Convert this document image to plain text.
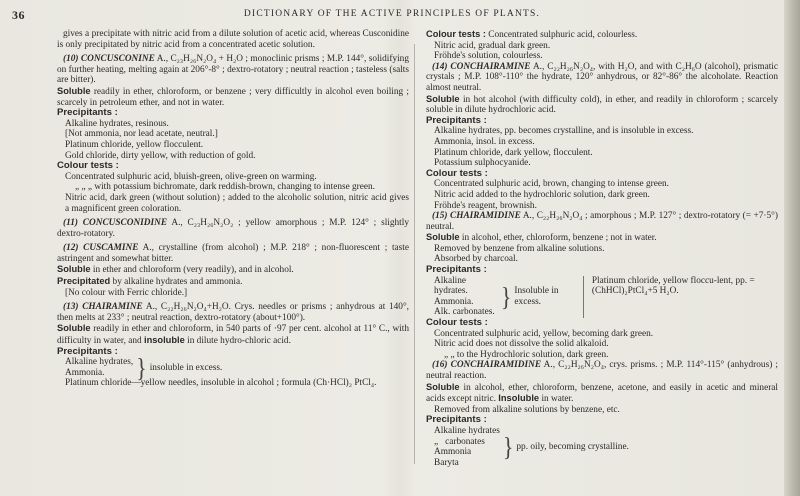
36	DICTIONARY OF THE ACTIVE PRINCIPLES OF PLANTS.

gives a precipitate with nitric acid from a dilute solution of acetic acid, whereas Cusconidine is only precipitated by nitric acid from a concentrated acetic solution.

(10) CONCUSCONINE A., C₂₃H₂₆N₂O₄ + H₂O ; monoclinic prisms ; M.P. 144°, solidifying on further heating, melting again at 206°-8° ; dextro-rotatory ; neutral reaction ; tasteless (salts are bitter).

Soluble readily in ether, chloroform, or benzene ; very difficultly in alcohol even boiling ; scarcely in petroleum ether, and not in water.

Precipitants :

Alkaline hydrates, resinous.

[Not ammonia, nor lead acetate, neutral.]

Platinum chloride, yellow flocculent.

Gold chloride, dirty yellow, with reduction of gold.

Colour tests :

Concentrated sulphuric acid, bluish-green, olive-green on warming.

„ „ „ with potassium bichromate, dark reddish-brown, changing to intense green.

Nitric acid, dark green (without solution) ; added to the alcoholic solution, nitric acid gives a magnificent green coloration.

(11) CONCUSCONIDINE A., C₂₃H₂₆N₂O₂ ; yellow amorphous ; M.P. 124° ; slightly dextro-rotatory.

(12) CUSCAMINE A., crystalline (from alcohol) ; M.P. 218° ; non-fluorescent ; taste astringent and somewhat bitter.

Soluble in ether and chloroform (very readily), and in alcohol.

Precipitated by alkaline hydrates and ammonia.

[No colour with Ferric chloride.]

(13) CHAIRAMINE A., C₂₂H₂₆N₂O₄+H₂O. Crys. needles or prisms ; anhydrous at 140°, then melts at 233° ; neutral reaction, dextro-rotatory (about+100°).

Soluble readily in ether and chloroform, in 540 parts of ·97 per cent. alcohol at 11° C., with difficulty in water, and insoluble in dilute hydro-chloric acid.

Precipitants :

Alkaline hydrates,
Ammonia.	} insoluble in excess.

Platinum chloride—yellow needles, insoluble in alcohol ; formula (Ch·HCl)₂ PtCl₄.

Colour tests : Concentrated sulphuric acid, colourless.

Nitric acid, gradual dark green.

Fröhde's solution, colourless.

(14) CONCHAIRAMINE A., C₂₂H₂₆N₂O₄, with H₂O, and with C₂H₆O (alcohol), prismatic crystals ; M.P. 108°-110° the hydrate, 120° anhydrous, or 82°-86° the alcoholate. Reaction almost neutral.

Soluble in hot alcohol (with difficulty cold), in ether, and readily in chloroform ; scarcely soluble in dilute hydrochloric acid.

Precipitants :

Alkaline hydrates, pp. becomes crystalline, and is insoluble in excess.

Ammonia, insol. in excess.

Platinum chloride, dark yellow, flocculent.

Potassium sulphocyanide.

Colour tests :

Concentrated sulphuric acid, brown, changing to intense green.

Nitric acid added to the hydrochloric solution, dark green.

Fröhde's reagent, brownish.

(15) CHAIRAMIDINE A., C₂₂H₂₆N₂O₄ ; amorphous ; M.P. 127° ; dextro-rotatory (= +7·5°) neutral.

Soluble in alcohol, ether, chloroform, benzene ; not in water.

Removed by benzene from alkaline solutions.

Absorbed by charcoal.

Precipitants :

Alkaline hydrates.
Ammonia.
Alk. carbonates.
} Insoluble in excess.
Platinum chloride, yellow floccu-lent, pp. = (ChHCl)₂PtCl₄+5 H₂O.

Colour tests :

Concentrated sulphuric acid, yellow, becoming dark green.

Nitric acid does not dissolve the solid alkaloid.

„ „ to the Hydrochloric solution, dark green.

(16) CONCHAIRAMIDINE A., C₂₂H₂₆N₂O₄, crys. prisms. ; M.P. 114°-115° (anhydrous) ; neutral reaction.

Soluble in alcohol, ether, chloroform, benzene, acetone, and easily in acetic and mineral acids except nitric. Insoluble in water.

Removed from alkaline solutions by benzene, etc.

Precipitants :

Alkaline hydrates
„ carbonates
Ammonia
Baryta
} pp. oily, becoming crystalline.
